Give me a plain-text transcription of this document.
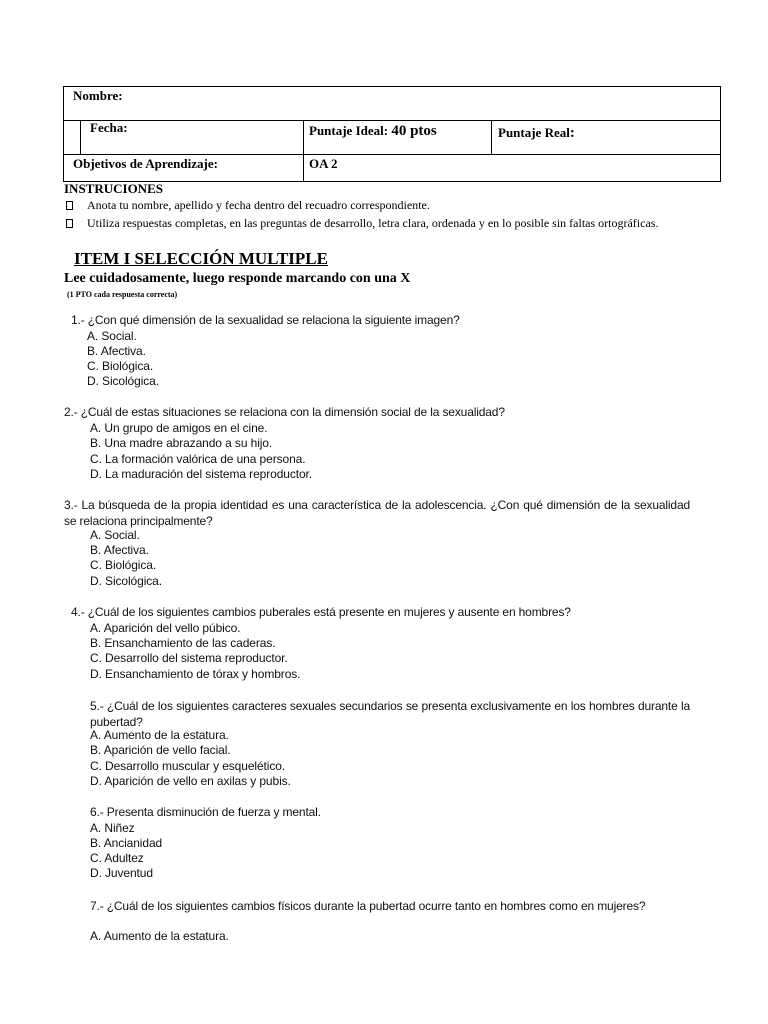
Nombre:
Fecha:	Puntaje Ideal: 40 ptos	Puntaje Real:
Objetivos de Aprendizaje:	OA 2
INSTRUCIONES
Anota tu nombre, apellido y fecha dentro del recuadro correspondiente.
Utiliza respuestas completas, en las preguntas de desarrollo, letra clara, ordenada y en lo posible sin faltas ortográficas.
ITEM I SELECCIÓN MULTIPLE
Lee cuidadosamente, luego responde marcando con una X
(1 PTO cada respuesta correcta)
1.- ¿Con qué dimensión de la sexualidad se relaciona la siguiente imagen?
A. Social.
B. Afectiva.
C. Biológica.
D. Sicológica.
2.- ¿Cuál de estas situaciones se relaciona con la dimensión social de la sexualidad?
A. Un grupo de amigos en el cine.
B. Una madre abrazando a su hijo.
C. La formación valórica de una persona.
D. La maduración del sistema reproductor.
3.- La búsqueda de la propia identidad es una característica de la adolescencia. ¿Con qué dimensión de la sexualidad se relaciona principalmente?
A. Social.
B. Afectiva.
C. Biológica.
D. Sicológica.
4.- ¿Cuál de los siguientes cambios puberales está presente en mujeres y ausente en hombres?
A. Aparición del vello púbico.
B. Ensanchamiento de las caderas.
C. Desarrollo del sistema reproductor.
D. Ensanchamiento de tórax y hombros.
5.- ¿Cuál de los siguientes caracteres sexuales secundarios se presenta exclusivamente en los hombres durante la pubertad?
A. Aumento de la estatura.
B. Aparición de vello facial.
C. Desarrollo muscular y esquelético.
D. Aparición de vello en axilas y pubis.
6.- Presenta disminución de fuerza y mental.
A. Niñez
B. Ancianidad
C. Adultez
D. Juventud
7.- ¿Cuál de los siguientes cambios físicos durante la pubertad ocurre tanto en hombres como en mujeres?
A. Aumento de la estatura.
